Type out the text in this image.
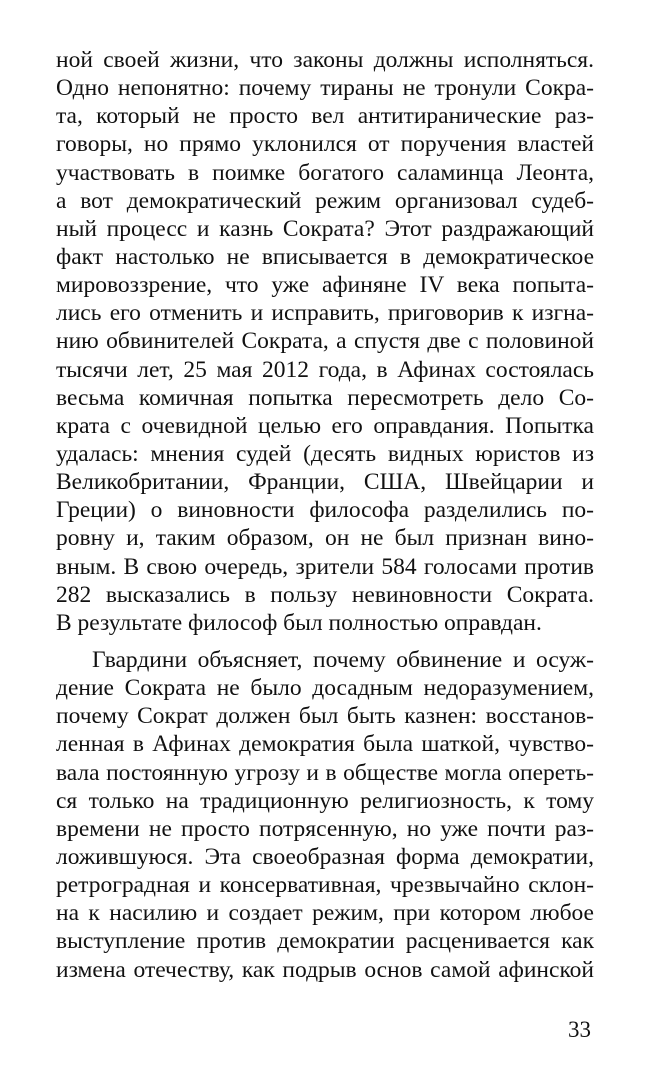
ной своей жизни, что законы должны исполняться.
Одно непонятно: почему тираны не тронули Сокра-
та, который не просто вел антитиранические раз-
говоры, но прямо уклонился от поручения властей
участвовать в поимке богатого саламинца Леонта,
а вот демократический режим организовал судеб-
ный процесс и казнь Сократа? Этот раздражающий
факт настолько не вписывается в демократическое
мировоззрение, что уже афиняне IV века попыта-
лись его отменить и исправить, приговорив к изгна-
нию обвинителей Сократа, а спустя две с половиной
тысячи лет, 25 мая 2012 года, в Афинах состоялась
весьма комичная попытка пересмотреть дело Со-
крата с очевидной целью его оправдания. Попытка
удалась: мнения судей (десять видных юристов из
Великобритании, Франции, США, Швейцарии и
Греции) о виновности философа разделились по-
ровну и, таким образом, он не был признан вино-
вным. В свою очередь, зрители 584 голосами против
282 высказались в пользу невиновности Сократа.
В результате философ был полностью оправдан.
Гвардини объясняет, почему обвинение и осуж-
дение Сократа не было досадным недоразумением,
почему Сократ должен был быть казнен: восстанов-
ленная в Афинах демократия была шаткой, чувство-
вала постоянную угрозу и в обществе могла опереть-
ся только на традиционную религиозность, к тому
времени не просто потрясенную, но уже почти раз-
ложившуюся. Эта своеобразная форма демократии,
ретроградная и консервативная, чрезвычайно склон-
на к насилию и создает режим, при котором любое
выступление против демократии расценивается как
измена отечеству, как подрыв основ самой афинской
33
